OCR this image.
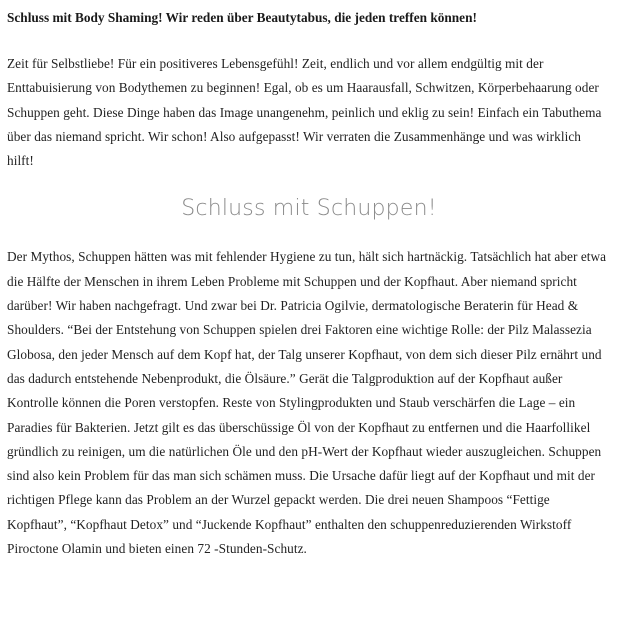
Schluss mit Body Shaming! Wir reden über Beautytabus, die jeden treffen können!

Zeit für Selbstliebe! Für ein positiveres Lebensgefühl! Zeit, endlich und vor allem endgültig mit der Enttabuisierung von Bodythemen zu beginnen! Egal, ob es um Haarausfall, Schwitzen, Körperbehaarung oder Schuppen geht. Diese Dinge haben das Image unangenehm, peinlich und eklig zu sein! Einfach ein Tabuthema über das niemand spricht. Wir schon! Also aufgepasst! Wir verraten die Zusammenhänge und was wirklich hilft!

Schluss mit Schuppen!

Der Mythos, Schuppen hätten was mit fehlender Hygiene zu tun, hält sich hartnäckig. Tatsächlich hat aber etwa die Hälfte der Menschen in ihrem Leben Probleme mit Schuppen und der Kopfhaut. Aber niemand spricht darüber! Wir haben nachgefragt. Und zwar bei Dr. Patricia Ogilvie, dermatologische Beraterin für Head & Shoulders. “Bei der Entstehung von Schuppen spielen drei Faktoren eine wichtige Rolle: der Pilz Malassezia Globosa, den jeder Mensch auf dem Kopf hat, der Talg unserer Kopfhaut, von dem sich dieser Pilz ernährt und das dadurch entstehende Nebenprodukt, die Ölsäure.” Gerät die Talgproduktion auf der Kopfhaut außer Kontrolle können die Poren verstopfen. Reste von Stylingprodukten und Staub verschärfen die Lage – ein Paradies für Bakterien. Jetzt gilt es das überschüssige Öl von der Kopfhaut zu entfernen und die Haarfollikel gründlich zu reinigen, um die natürlichen Öle und den pH-Wert der Kopfhaut wieder auszugleichen. Schuppen sind also kein Problem für das man sich schämen muss. Die Ursache dafür liegt auf der Kopfhaut und mit der richtigen Pflege kann das Problem an der Wurzel gepackt werden. Die drei neuen Shampoos “Fettige Kopfhaut”, “Kopfhaut Detox” und “Juckende Kopfhaut” enthalten den schuppenreduzierenden Wirkstoff Piroctone Olamin und bieten einen 72 -Stunden-Schutz.
